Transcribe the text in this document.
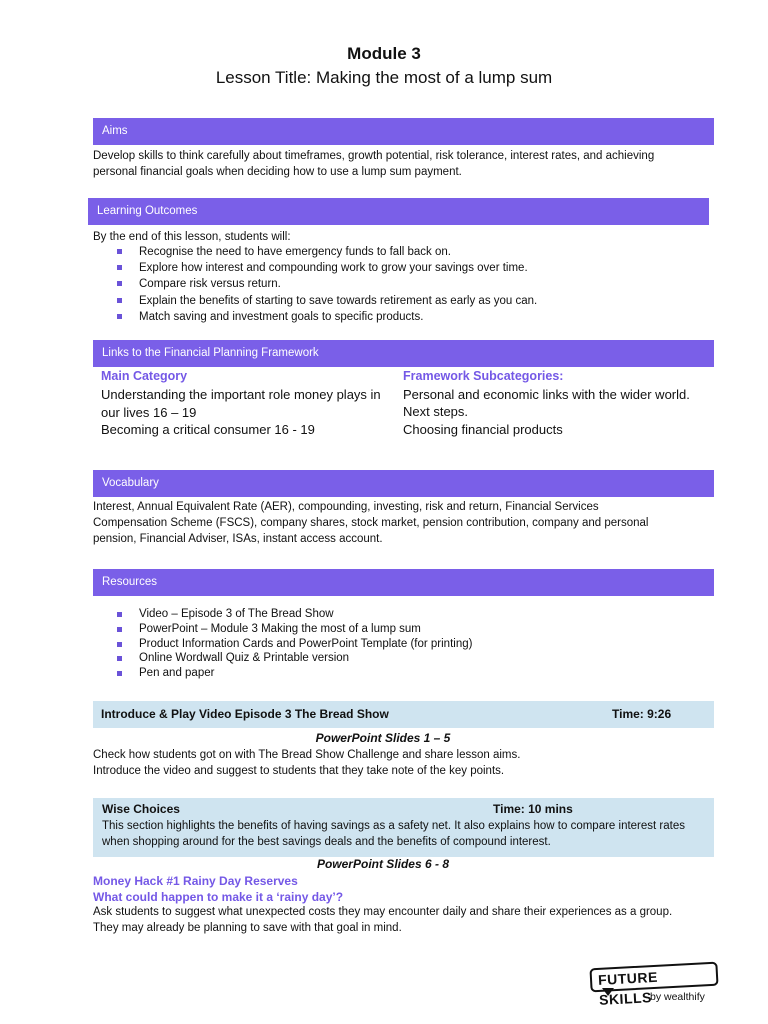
Module 3
Lesson Title: Making the most of a lump sum
Aims
Develop skills to think carefully about timeframes, growth potential, risk tolerance, interest rates, and achieving personal financial goals when deciding how to use a lump sum payment.
Learning Outcomes
By the end of this lesson, students will:
Recognise the need to have emergency funds to fall back on.
Explore how interest and compounding work to grow your savings over time.
Compare risk versus return.
Explain the benefits of starting to save towards retirement as early as you can.
Match saving and investment goals to specific products.
Links to the Financial Planning Framework
Main Category
Understanding the important role money plays in our lives 16 – 19
Becoming a critical consumer 16 - 19
Framework Subcategories:
Personal and economic links with the wider world.
Next steps.
Choosing financial products
Vocabulary
Interest, Annual Equivalent Rate (AER), compounding, investing, risk and return, Financial Services Compensation Scheme (FSCS), company shares, stock market, pension contribution, company and personal pension, Financial Adviser, ISAs, instant access account.
Resources
Video – Episode 3 of The Bread Show
PowerPoint – Module 3 Making the most of a lump sum
Product Information Cards and PowerPoint Template (for printing)
Online Wordwall Quiz & Printable version
Pen and paper
Introduce & Play Video Episode 3 The Bread Show	Time: 9:26
PowerPoint Slides 1 – 5
Check how students got on with The Bread Show Challenge and share lesson aims.
Introduce the video and suggest to students that they take note of the key points.
Wise Choices	Time: 10 mins
This section highlights the benefits of having savings as a safety net. It also explains how to compare interest rates when shopping around for the best savings deals and the benefits of compound interest.
PowerPoint Slides 6 - 8
Money Hack #1 Rainy Day Reserves
What could happen to make it a ‘rainy day’?
Ask students to suggest what unexpected costs they may encounter daily and share their experiences as a group. They may already be planning to save with that goal in mind.
FUTURE SKILLS
by wealthify
